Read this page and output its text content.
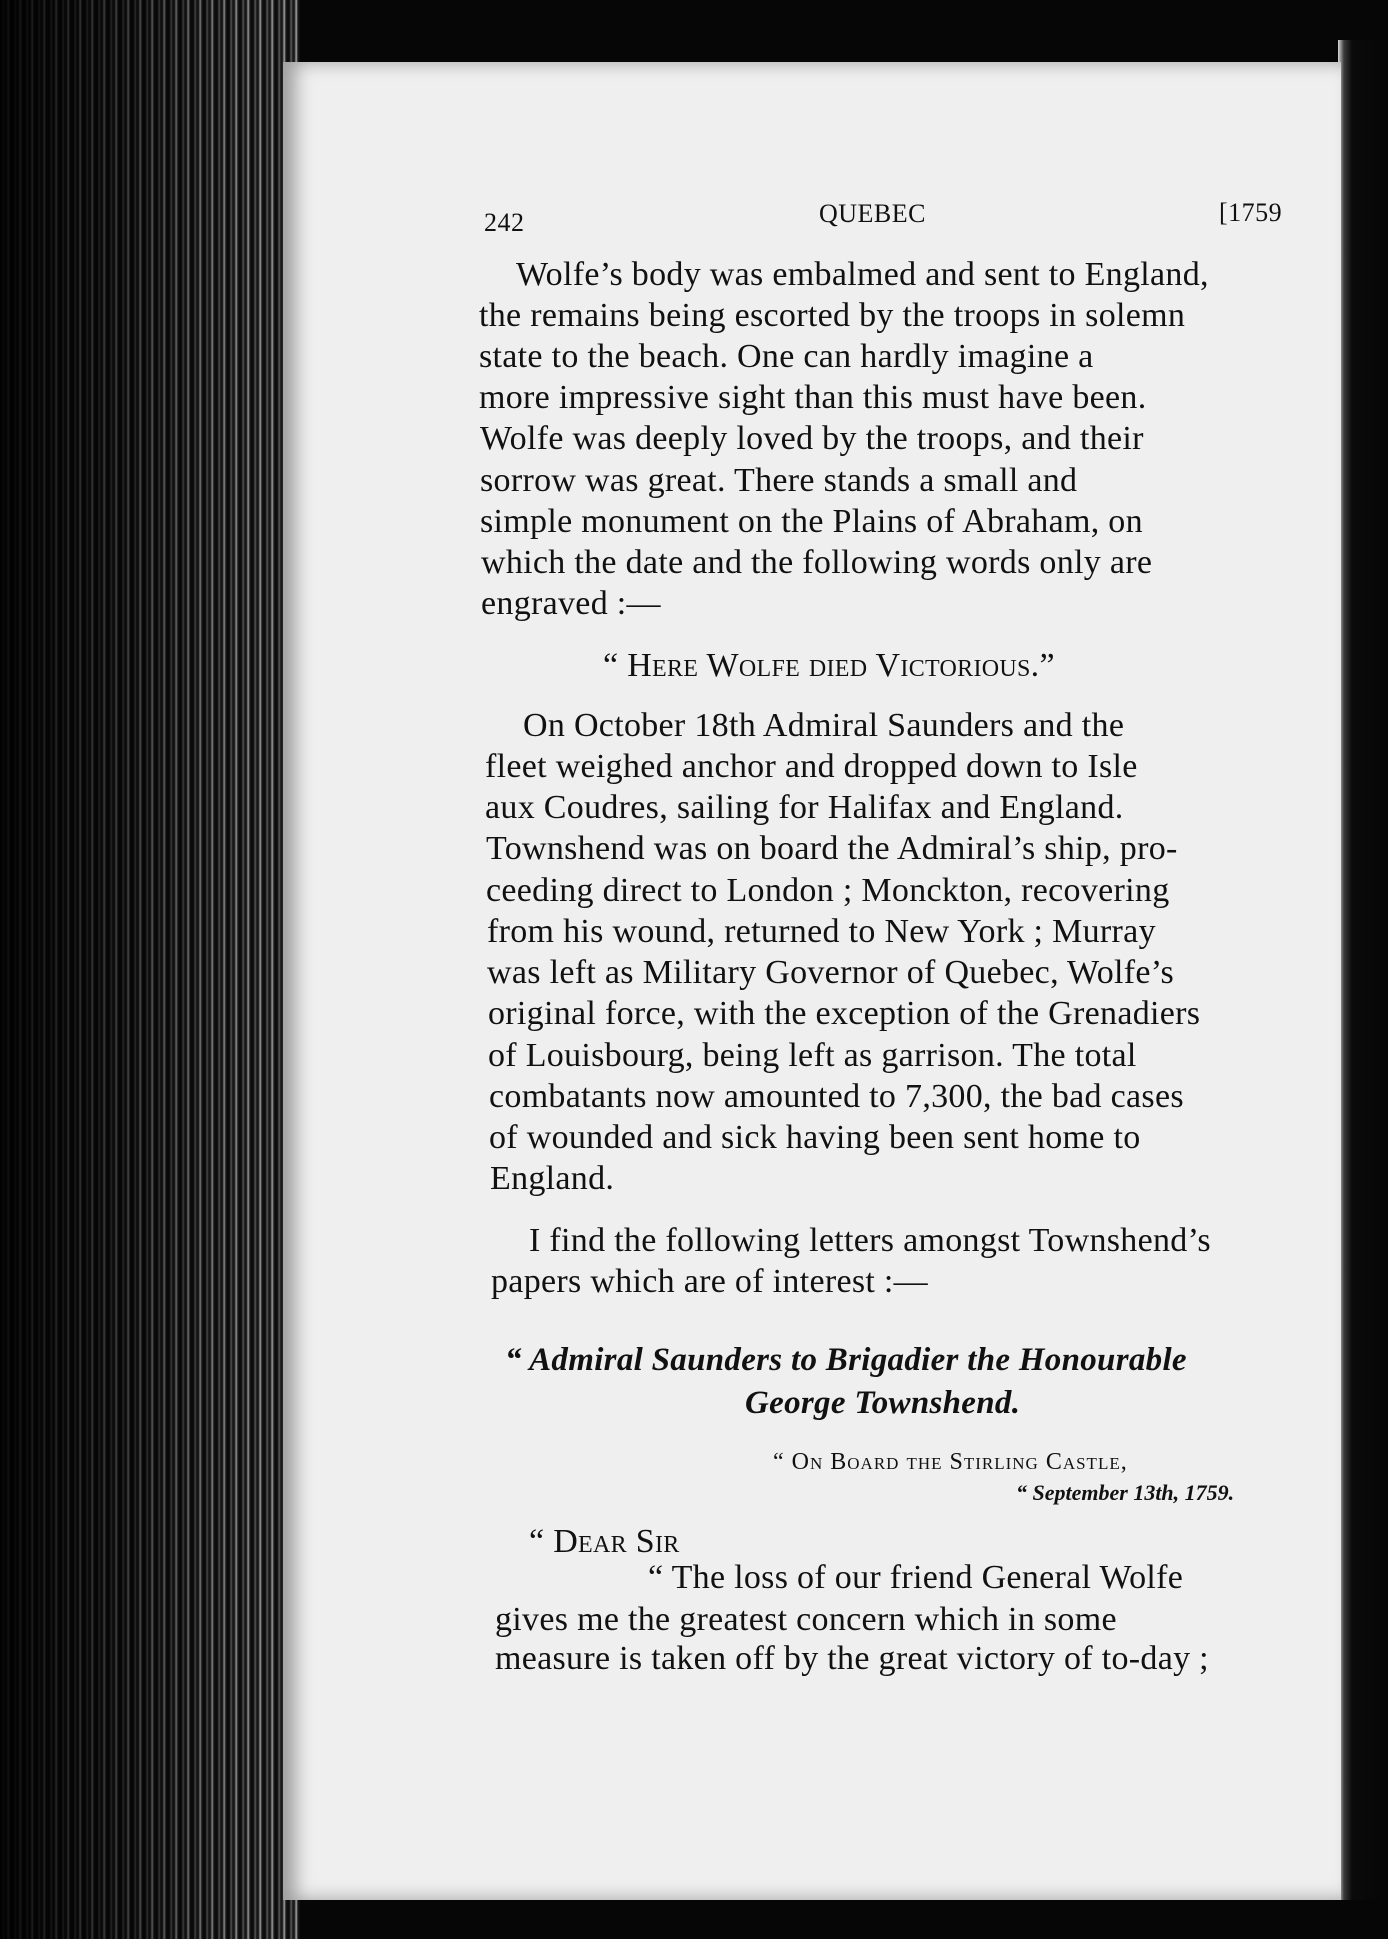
242	QUEBEC	[1759
Wolfe’s body was embalmed and sent to England,
the remains being escorted by the troops in solemn
state to the beach. One can hardly imagine a
more impressive sight than this must have been.
Wolfe was deeply loved by the troops, and their
sorrow was great. There stands a small and
simple monument on the Plains of Abraham, on
which the date and the following words only are
engraved :—
“ Here Wolfe died Victorious.”
On October 18th Admiral Saunders and the
fleet weighed anchor and dropped down to Isle
aux Coudres, sailing for Halifax and England.
Townshend was on board the Admiral’s ship, pro-
ceeding direct to London ; Monckton, recovering
from his wound, returned to New York ; Murray
was left as Military Governor of Quebec, Wolfe’s
original force, with the exception of the Grenadiers
of Louisbourg, being left as garrison. The total
combatants now amounted to 7,300, the bad cases
of wounded and sick having been sent home to
England.
I find the following letters amongst Townshend’s
papers which are of interest :—
“ Admiral Saunders to Brigadier the Honourable
George Townshend.
“ On Board the Stirling Castle,
“ September 13th, 1759.
“ Dear Sir
“ The loss of our friend General Wolfe
gives me the greatest concern which in some
measure is taken off by the great victory of to-day ;
